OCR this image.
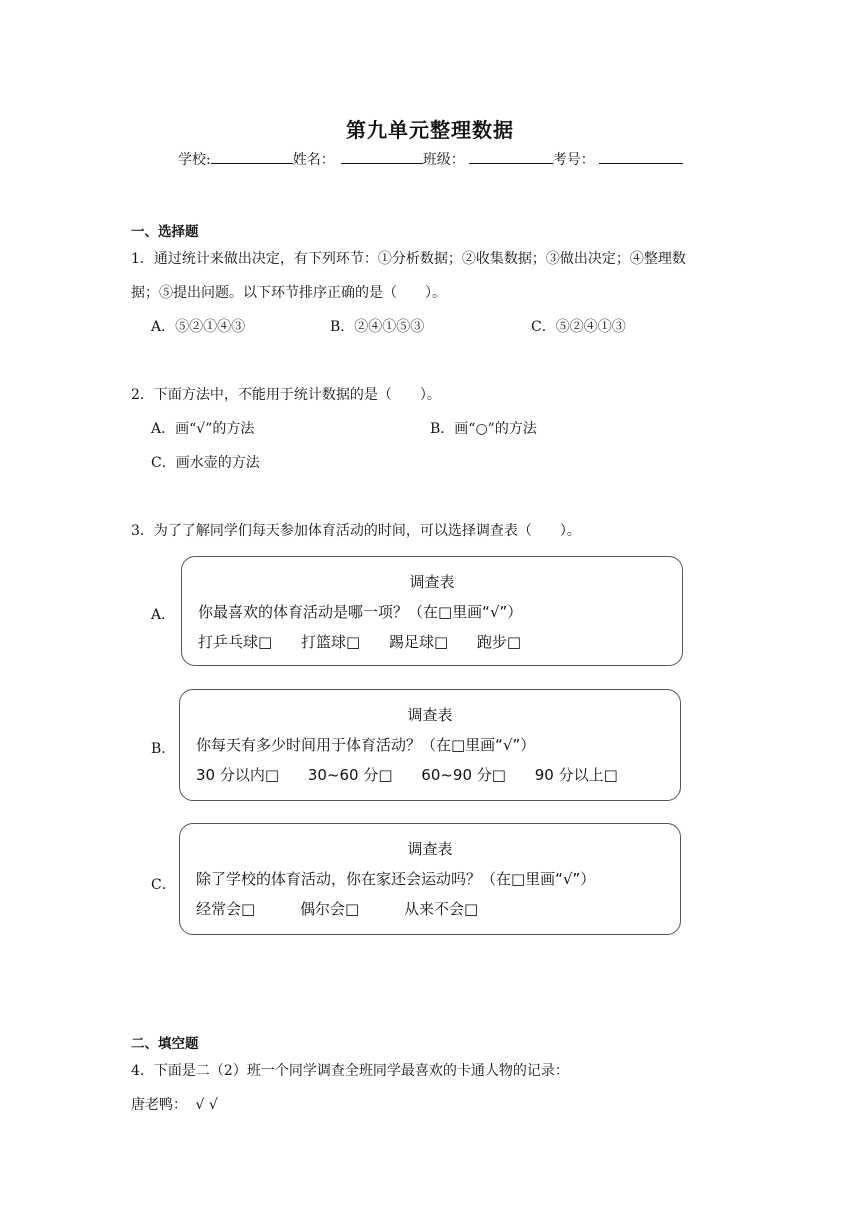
第九单元整理数据
学校:	姓名：	班级：	考号：
一、选择题
1．通过统计来做出决定，有下列环节：①分析数据；②收集数据；③做出决定；④整理数
据；⑤提出问题。以下环节排序正确的是（　　）。
A．⑤②①④③	B．②④①⑤③	C．⑤②④①③
2．下面方法中，不能用于统计数据的是（　　）。
A．画“√”的方法	B．画“○”的方法
C．画水壶的方法
3．为了了解同学们每天参加体育活动的时间，可以选择调查表（　　）。
A．
调查表
你最喜欢的体育活动是哪一项？（在□里画“√”）
打乒乓球□ 打篮球□ 踢足球□ 跑步□
B．
调查表
你每天有多少时间用于体育活动？（在□里画“√”）
30 分以内□ 30~60 分□ 60~90 分□ 90 分以上□
C．
调查表
除了学校的体育活动，你在家还会运动吗？（在□里画“√”）
经常会□	偶尔会□	从来不会□
二、填空题
4．下面是二（2）班一个同学调查全班同学最喜欢的卡通人物的记录：
唐老鸭： √ √
